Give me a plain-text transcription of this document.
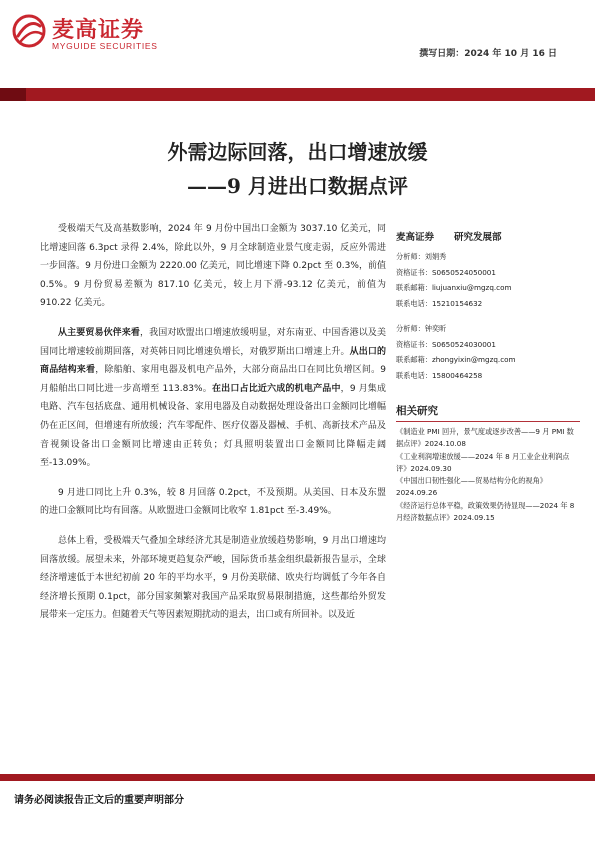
麦高证券
MYGUIDE SECURITIES
撰写日期：2024 年 10 月 16 日
外需边际回落，出口增速放缓
——9 月进出口数据点评

受极端天气及高基数影响，2024 年 9 月份中国出口金额为 3037.10 亿美元，同比增速回落 6.3pct 录得 2.4%，除此以外，9 月全球制造业景气度走弱，反应外需进一步回落。9 月份进口金额为 2220.00 亿美元，同比增速下降 0.2pct 至 0.3%，前值 0.5%。9 月份贸易差额为 817.10 亿美元，较上月下滑-93.12 亿美元，前值为 910.22 亿美元。

从主要贸易伙伴来看，我国对欧盟出口增速放缓明显，对东南亚、中国香港以及美国同比增速较前期回落，对英韩日同比增速负增长，对俄罗斯出口增速上升。从出口的商品结构来看，除船舶、家用电器及机电产品外，大部分商品出口在同比负增区间。9 月船舶出口同比进一步高增至 113.83%。在出口占比近六成的机电产品中，9 月集成电路、汽车包括底盘、通用机械设备、家用电器及自动数据处理设备出口金额同比增幅仍在正区间，但增速有所放缓；汽车零配件、医疗仪器及器械、手机、高新技术产品及音视频设备出口金额同比增速由正转负；灯具照明装置出口金额同比降幅走阔至-13.09%。

9 月进口同比上升 0.3%，较 8 月回落 0.2pct，不及预期。从美国、日本及东盟的进口金额同比均有回落。从欧盟进口金额同比收窄 1.81pct 至-3.49%。

总体上看，受极端天气叠加全球经济尤其是制造业放缓趋势影响，9 月出口增速均回落放缓。展望未来，外部环境更趋复杂严峻，国际货币基金组织最新报告显示，全球经济增速低于本世纪初前 20 年的平均水平，9 月份美联储、欧央行均调低了今年各自经济增长预期 0.1pct，部分国家频繁对我国产品采取贸易限制措施，这些都给外贸发展带来一定压力。但随着天气等因素短期扰动的退去，出口或有所回补。以及近

麦高证券 研究发展部
分析师：刘娟秀
资格证书：S0650524050001
联系邮箱：liujuanxiu@mgzq.com
联系电话：15210154632
分析师：钟奕昕
资格证书：S0650524030001
联系邮箱：zhongyixin@mgzq.com
联系电话：15800464258
相关研究
《制造业 PMI 回升，景气度或逐步改善——9 月 PMI 数据点评》2024.10.08
《工业利润增速放缓——2024 年 8 月工业企业利润点评》2024.09.30
《中国出口韧性强化——贸易结构分化的视角》2024.09.26
《经济运行总体平稳，政策效果仍待显现——2024 年 8 月经济数据点评》2024.09.15
请务必阅读报告正文后的重要声明部分
